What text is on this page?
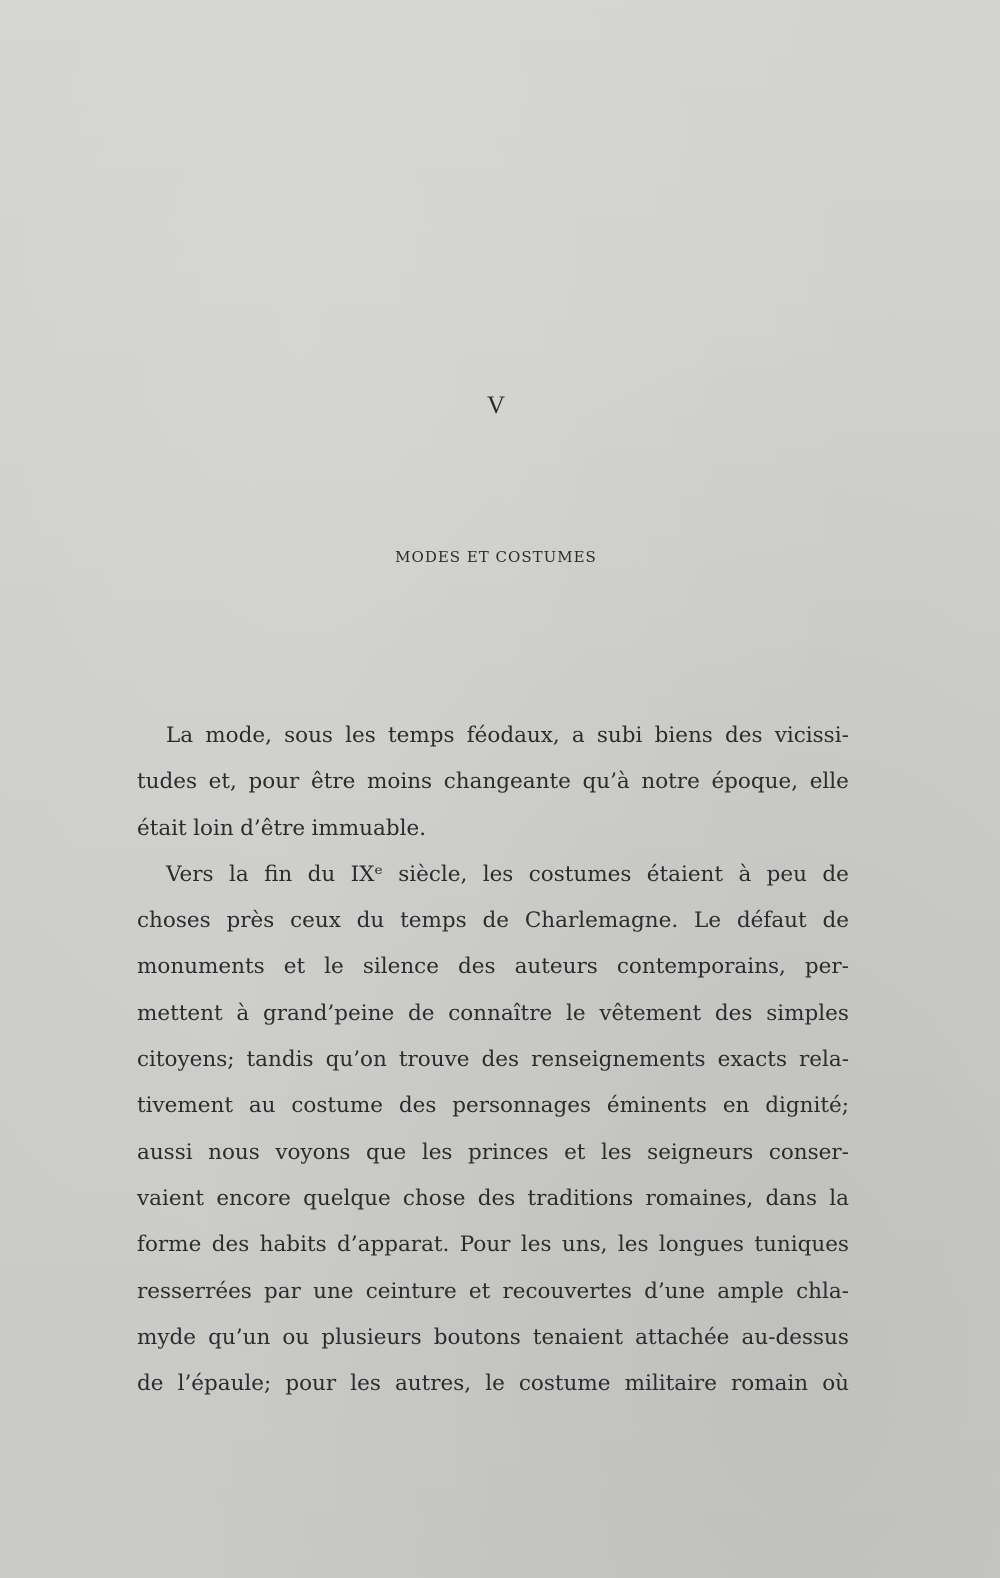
V
MODES ET COSTUMES
La mode, sous les temps féodaux, a subi biens des vicissi-
tudes et, pour être moins changeante qu’à notre époque, elle
était loin d’être immuable.
Vers la fin du IXᵉ siècle, les costumes étaient à peu de
choses près ceux du temps de Charlemagne. Le défaut de
monuments et le silence des auteurs contemporains, per-
mettent à grand’peine de connaître le vêtement des simples
citoyens; tandis qu’on trouve des renseignements exacts rela-
tivement au costume des personnages éminents en dignité;
aussi nous voyons que les princes et les seigneurs conser-
vaient encore quelque chose des traditions romaines, dans la
forme des habits d’apparat. Pour les uns, les longues tuniques
resserrées par une ceinture et recouvertes d’une ample chla-
myde qu’un ou plusieurs boutons tenaient attachée au-dessus
de l’épaule; pour les autres, le costume militaire romain où
